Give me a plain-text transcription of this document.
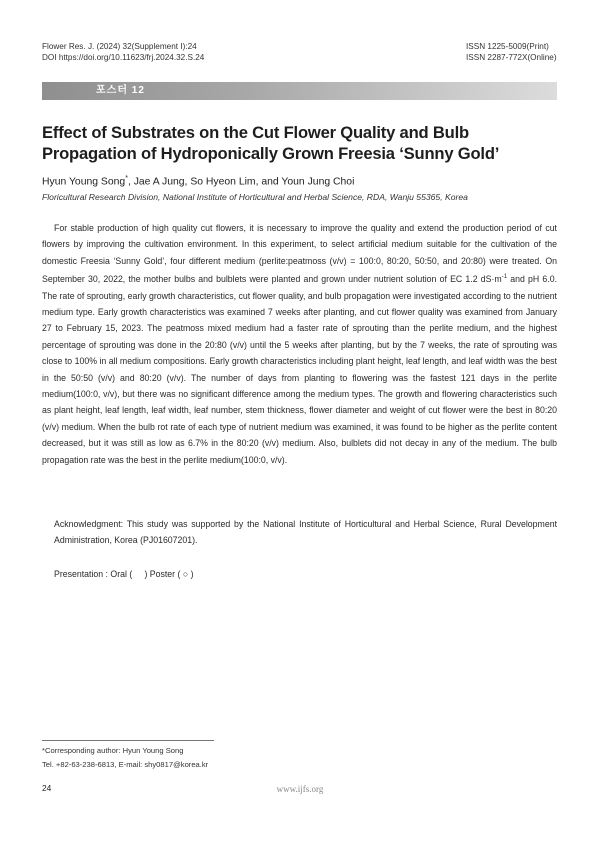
Flower Res. J. (2024) 32(Supplement I):24
DOI https://doi.org/10.11623/frj.2024.32.S.24
ISSN 1225-5009(Print)
ISSN 2287-772X(Online)
포스터 12
Effect of Substrates on the Cut Flower Quality and Bulb Propagation of Hydroponically Grown Freesia ‘Sunny Gold’
Hyun Young Song*, Jae A Jung, So Hyeon Lim, and Youn Jung Choi
Floricultural Research Division, National Institute of Horticultural and Herbal Science, RDA, Wanju 55365, Korea

For stable production of high quality cut flowers, it is necessary to improve the quality and extend the production period of cut flowers by improving the cultivation environment. In this experiment, to select artificial medium suitable for the cultivation of the domestic Freesia ‘Sunny Gold’, four different medium (perlite:peatmoss (v/v) = 100:0, 80:20, 50:50, and 20:80) were treated. On September 30, 2022, the mother bulbs and bulblets were planted and grown under nutrient solution of EC 1.2 $dS\cdot m^{-1}$ and pH 6.0. The rate of sprouting, early growth characteristics, cut flower quality, and bulb propagation were investigated according to the nutrient medium type. Early growth characteristics was examined 7 weeks after planting, and cut flower quality was examined from January 27 to February 15, 2023. The peatmoss mixed medium had a faster rate of sprouting than the perlite medium, and the highest percentage of sprouting was done in the 20:80 (v/v) until the 5 weeks after planting, but by the 7 weeks, the rate of sprouting was close to 100% in all medium compositions. Early growth characteristics including plant height, leaf length, and leaf width was the best in the 50:50 (v/v) and 80:20 (v/v). The number of days from planting to flowering was the fastest 121 days in the perlite medium(100:0, v/v), but there was no significant difference among the medium types. The growth and flowering characteristics such as plant height, leaf length, leaf width, leaf number, stem thickness, flower diameter and weight of cut flower were the best in 80:20 (v/v) medium. When the bulb rot rate of each type of nutrient medium was examined, it was found to be higher as the perlite content decreased, but it was still as low as 6.7% in the 80:20 (v/v) medium. Also, bulblets did not decay in any of the medium. The bulb propagation rate was the best in the perlite medium(100:0, v/v).

Acknowledgment: This study was supported by the National Institute of Horticultural and Herbal Science, Rural Development Administration, Korea (PJ01607201).
Presentation : Oral (     ) Poster ( ○ )
*Corresponding author: Hyun Young Song
Tel. +82-63-238-6813, E-mail: shy0817@korea.kr
24	www.ijfs.org
